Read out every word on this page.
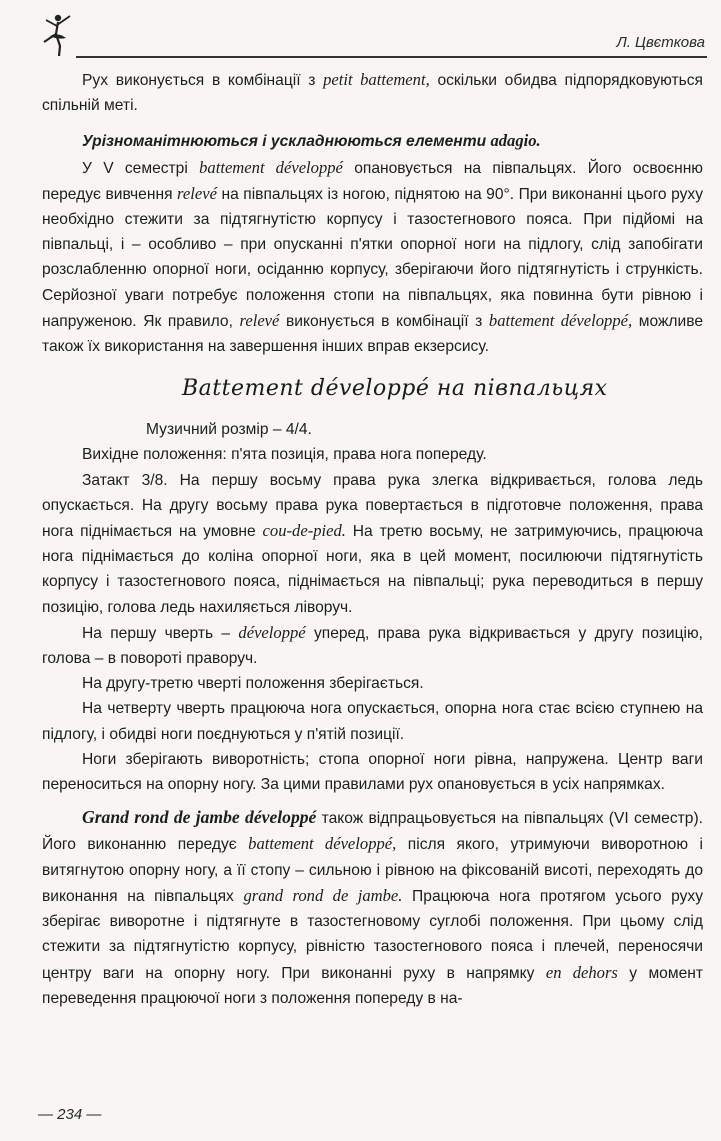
Л. Цвєткова

Рух виконується в комбінації з petit battement, оскільки обидва підпорядковуються спільній меті.

Урізноманітнюються і ускладнюються елементи adagio.

У V семестрі battement développé опановується на півпальцях. Його освоєнню передує вивчення relevé на півпальцях із ногою, піднятою на 90°. При виконанні цього руху необхідно стежити за підтягнутістю корпусу і тазостегнового пояса. При підйомі на півпальці, і – особливо – при опусканні п'ятки опорної ноги на підлогу, слід запобігати розслабленню опорної ноги, осіданню корпусу, зберігаючи його підтягнутість і стрункість. Серйозної уваги потребує положення стопи на півпальцях, яка повинна бути рівною і напруженою. Як правило, relevé виконується в комбінації з battement développé, можливе також їх використання на завершення інших вправ екзерсису.

Battement développé на півпальцях

Музичний розмір – 4/4.

Вихідне положення: п'ята позиція, права нога попереду.

Затакт 3/8. На першу восьму права рука злегка відкривається, голова ледь опускається. На другу восьму права рука повертається в підготовче положення, права нога піднімається на умовне cou-de-pied. На третю восьму, не затримуючись, працююча нога піднімається до коліна опорної ноги, яка в цей момент, посилюючи підтягнутість корпусу і тазостегнового пояса, піднімається на півпальці; рука переводиться в першу позицію, голова ледь нахиляється ліворуч.

На першу чверть – développé уперед, права рука відкривається у другу позицію, голова – в повороті праворуч.

На другу-третю чверті положення зберігається.

На четверту чверть працююча нога опускається, опорна нога стає всією ступнею на підлогу, і обидві ноги поєднуються у п'ятій позиції.

Ноги зберігають виворотність; стопа опорної ноги рівна, напружена. Центр ваги переноситься на опорну ногу. За цими правилами рух опановується в усіх напрямках.

Grand rond de jambe développé також відпрацьовується на півпальцях (VI семестр). Його виконанню передує battement développé, після якого, утримуючи виворотною і витягнутою опорну ногу, а її стопу – сильною і рівною на фіксованій висоті, переходять до виконання на півпальцях grand rond de jambe. Працююча нога протягом усього руху зберігає виворотне і підтягнуте в тазостегновому суглобі положення. При цьому слід стежити за підтягнутістю корпусу, рівністю тазостегнового пояса і плечей, переносячи центру ваги на опорну ногу. При виконанні руху в напрямку en dehors у момент переведення працюючої ноги з положення попереду в на-

— 234 —
